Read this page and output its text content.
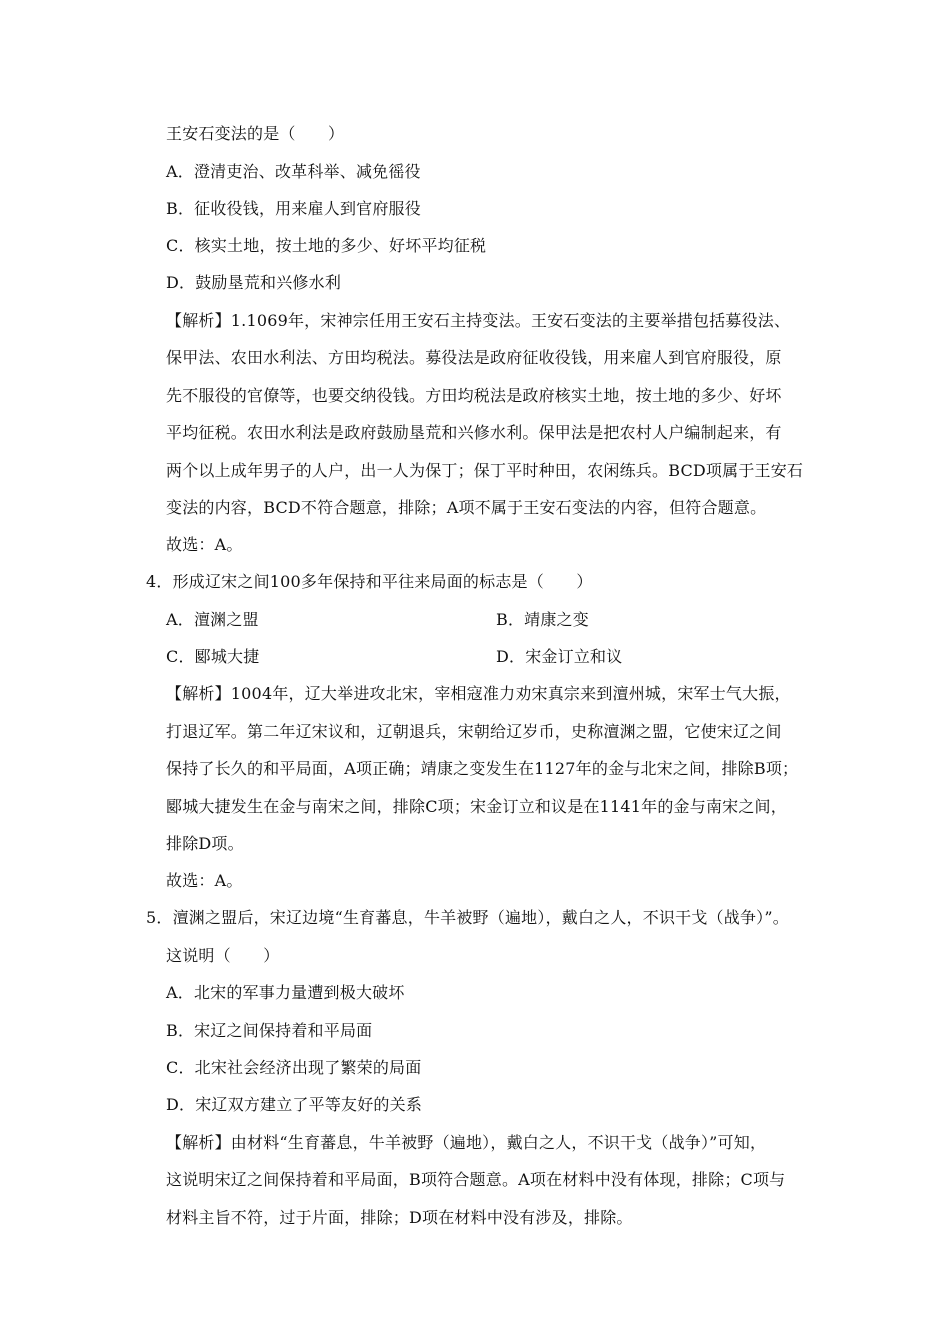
王安石变法的是（　　）
A．澄清吏治、改革科举、减免徭役
B．征收役钱，用来雇人到官府服役
C．核实土地，按土地的多少、好坏平均征税
D．鼓励垦荒和兴修水利
【解析】1.1069年，宋神宗任用王安石主持变法。王安石变法的主要举措包括募役法、
保甲法、农田水利法、方田均税法。募役法是政府征收役钱，用来雇人到官府服役，原
先不服役的官僚等，也要交纳役钱。方田均税法是政府核实土地，按土地的多少、好坏
平均征税。农田水利法是政府鼓励垦荒和兴修水利。保甲法是把农村人户编制起来，有
两个以上成年男子的人户，出一人为保丁；保丁平时种田，农闲练兵。BCD项属于王安石
变法的内容，BCD不符合题意，排除；A项不属于王安石变法的内容，但符合题意。
故选：A。
4．形成辽宋之间100多年保持和平往来局面的标志是（　　）
A．澶渊之盟	B．靖康之变
C．郾城大捷	D．宋金订立和议
【解析】1004年，辽大举进攻北宋，宰相寇准力劝宋真宗来到澶州城，宋军士气大振，
打退辽军。第二年辽宋议和，辽朝退兵，宋朝给辽岁币，史称澶渊之盟，它使宋辽之间
保持了长久的和平局面，A项正确；靖康之变发生在1127年的金与北宋之间，排除B项；
郾城大捷发生在金与南宋之间，排除C项；宋金订立和议是在1141年的金与南宋之间，
排除D项。
故选：A。
5．澶渊之盟后，宋辽边境“生育蕃息，牛羊被野（遍地），戴白之人，不识干戈（战争）”。
这说明（　　）
A．北宋的军事力量遭到极大破坏
B．宋辽之间保持着和平局面
C．北宋社会经济出现了繁荣的局面
D．宋辽双方建立了平等友好的关系
【解析】由材料“生育蕃息，牛羊被野（遍地），戴白之人，不识干戈（战争）”可知，
这说明宋辽之间保持着和平局面，B项符合题意。A项在材料中没有体现，排除；C项与
材料主旨不符，过于片面，排除；D项在材料中没有涉及，排除。
